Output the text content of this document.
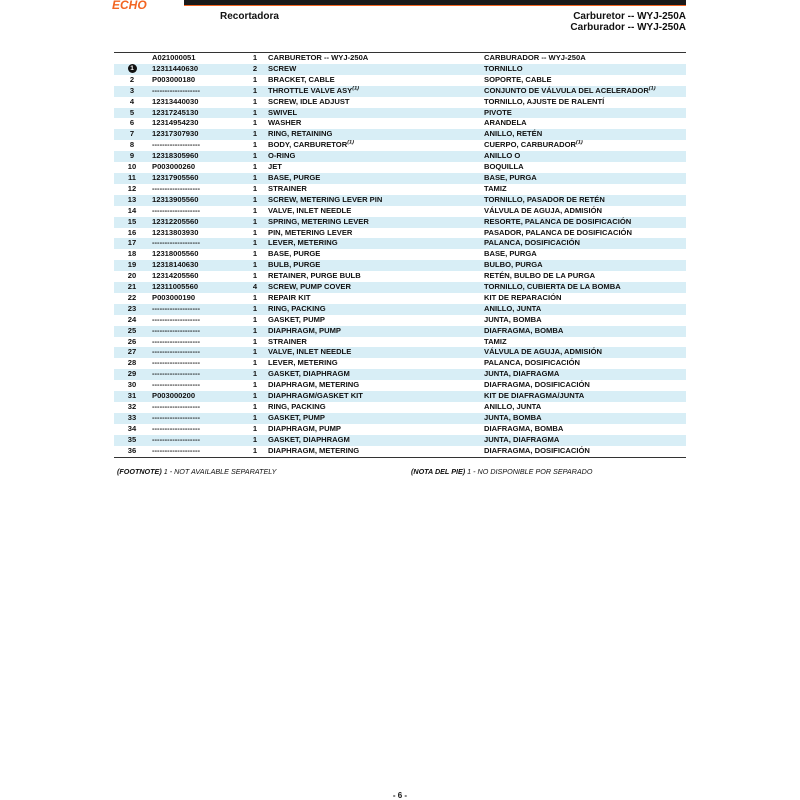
ECHO
Recortadora	Carburetor -- WYJ-250A
Carburador -- WYJ-250A
	A021000051	1	CARBURETOR -- WYJ-250A	CARBURADOR -- WYJ-250A
1	12311440630	2	SCREW	TORNILLO
2	P003000180	1	BRACKET, CABLE	SOPORTE, CABLE
3	-------------------	1	THROTTLE VALVE ASY$^{(1)}$	CONJUNTO DE VÁLVULA DEL ACELERADOR$^{(1)}$
4	12313440030	1	SCREW, IDLE ADJUST	TORNILLO, AJUSTE DE RALENTÍ
5	12317245130	1	SWIVEL	PIVOTE
6	12314954230	1	WASHER	ARANDELA
7	12317307930	1	RING, RETAINING	ANILLO, RETÉN
8	-------------------	1	BODY, CARBURETOR$^{(1)}$	CUERPO, CARBURADOR$^{(1)}$
9	12318305960	1	O-RING	ANILLO O
10	P003000260	1	JET	BOQUILLA
11	12317905560	1	BASE, PURGE	BASE, PURGA
12	-------------------	1	STRAINER	TAMIZ
13	12313905560	1	SCREW, METERING LEVER PIN	TORNILLO, PASADOR DE RETÉN
14	-------------------	1	VALVE, INLET NEEDLE	VÁLVULA DE AGUJA, ADMISIÓN
15	12312205560	1	SPRING, METERING LEVER	RESORTE, PALANCA DE DOSIFICACIÓN
16	12313803930	1	PIN, METERING LEVER	PASADOR, PALANCA DE DOSIFICACIÓN
17	-------------------	1	LEVER, METERING	PALANCA, DOSIFICACIÓN
18	12318005560	1	BASE, PURGE	BASE, PURGA
19	12318140630	1	BULB, PURGE	BULBO, PURGA
20	12314205560	1	RETAINER, PURGE BULB	RETÉN, BULBO DE LA PURGA
21	12311005560	4	SCREW, PUMP COVER	TORNILLO, CUBIERTA DE LA BOMBA
22	P003000190	1	REPAIR KIT	KIT DE REPARACIÓN
23	-------------------	1	RING, PACKING	ANILLO, JUNTA
24	-------------------	1	GASKET, PUMP	JUNTA, BOMBA
25	-------------------	1	DIAPHRAGM, PUMP	DIAFRAGMA, BOMBA
26	-------------------	1	STRAINER	TAMIZ
27	-------------------	1	VALVE, INLET NEEDLE	VÁLVULA DE AGUJA, ADMISIÓN
28	-------------------	1	LEVER, METERING	PALANCA, DOSIFICACIÓN
29	-------------------	1	GASKET, DIAPHRAGM	JUNTA, DIAFRAGMA
30	-------------------	1	DIAPHRAGM, METERING	DIAFRAGMA, DOSIFICACIÓN
31	P003000200	1	DIAPHRAGM/GASKET KIT	KIT DE DIAFRAGMA/JUNTA
32	-------------------	1	RING, PACKING	ANILLO, JUNTA
33	-------------------	1	GASKET, PUMP	JUNTA, BOMBA
34	-------------------	1	DIAPHRAGM, PUMP	DIAFRAGMA, BOMBA
35	-------------------	1	GASKET, DIAPHRAGM	JUNTA, DIAFRAGMA
36	-------------------	1	DIAPHRAGM, METERING	DIAFRAGMA, DOSIFICACIÓN
(FOOTNOTE) 1 - NOT AVAILABLE SEPARATELY	(NOTA DEL PIE) 1 - NO DISPONIBLE POR SEPARADO
- 6 -
